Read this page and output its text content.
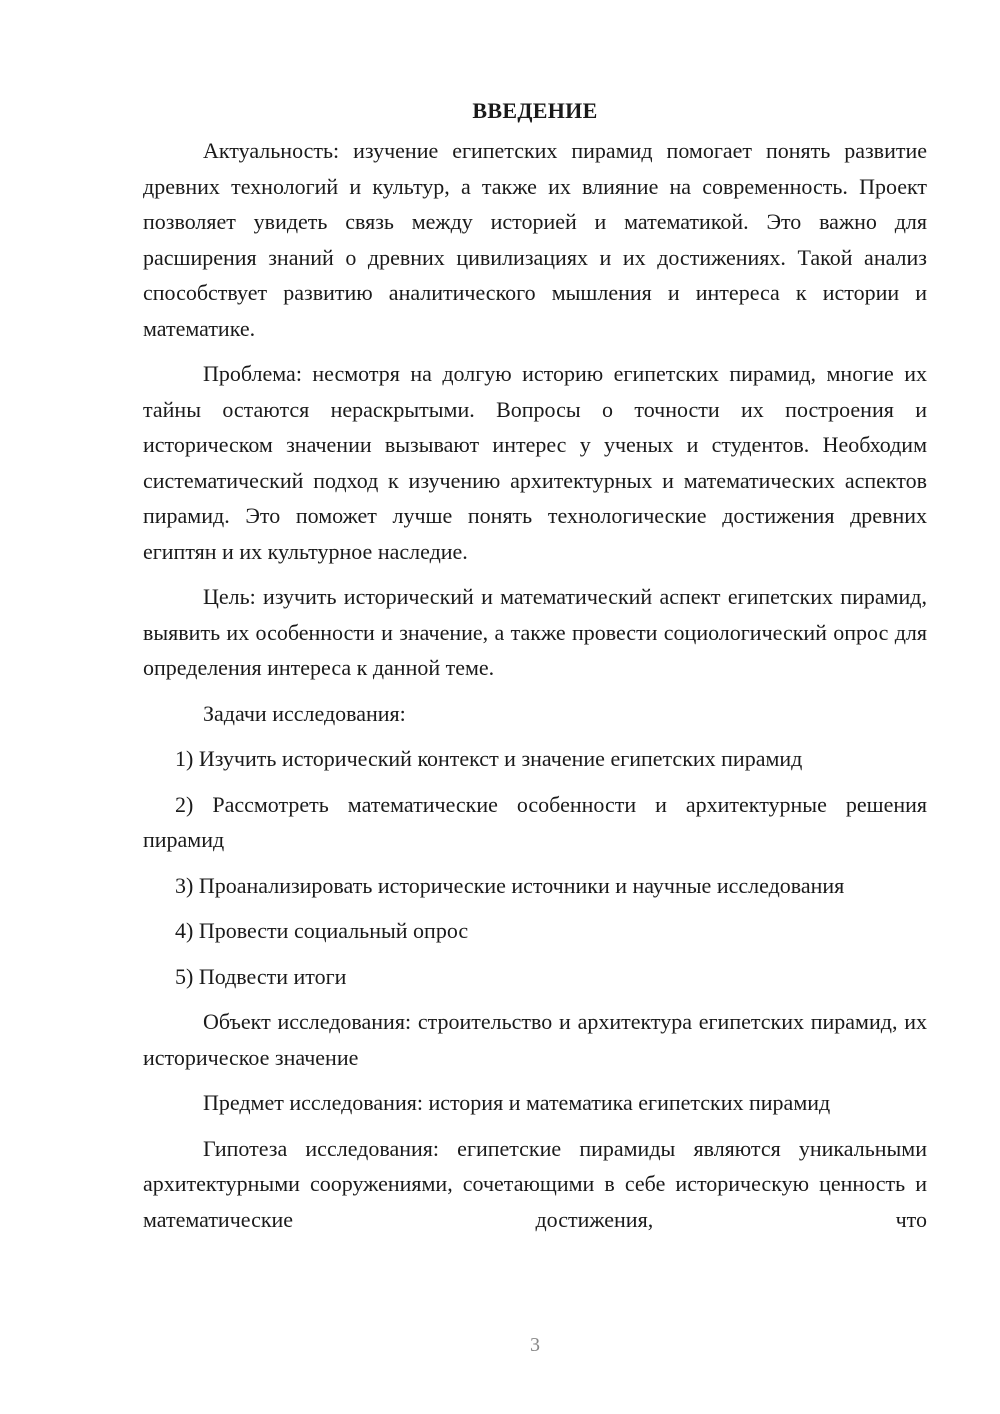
ВВЕДЕНИЕ

Актуальность: изучение египетских пирамид помогает понять развитие древних технологий и культур, а также их влияние на современность. Проект позволяет увидеть связь между историей и математикой. Это важно для расширения знаний о древних цивилизациях и их достижениях. Такой анализ способствует развитию аналитического мышления и интереса к истории и математике.

Проблема: несмотря на долгую историю египетских пирамид, многие их тайны остаются нераскрытыми. Вопросы о точности их построения и историческом значении вызывают интерес у ученых и студентов. Необходим систематический подход к изучению архитектурных и математических аспектов пирамид. Это поможет лучше понять технологические достижения древних египтян и их культурное наследие.

Цель: изучить исторический и математический аспект египетских пирамид, выявить их особенности и значение, а также провести социологический опрос для определения интереса к данной теме.

Задачи исследования:

1) Изучить исторический контекст и значение египетских пирамид

2) Рассмотреть математические особенности и архитектурные решения пирамид

3) Проанализировать исторические источники и научные исследования

4) Провести социальный опрос

5) Подвести итоги

Объект исследования: строительство и архитектура египетских пирамид, их историческое значение

Предмет исследования: история и математика египетских пирамид

Гипотеза исследования: египетские пирамиды являются уникальными архитектурными сооружениями, сочетающими в себе историческую ценность и математические достижения, что

3
